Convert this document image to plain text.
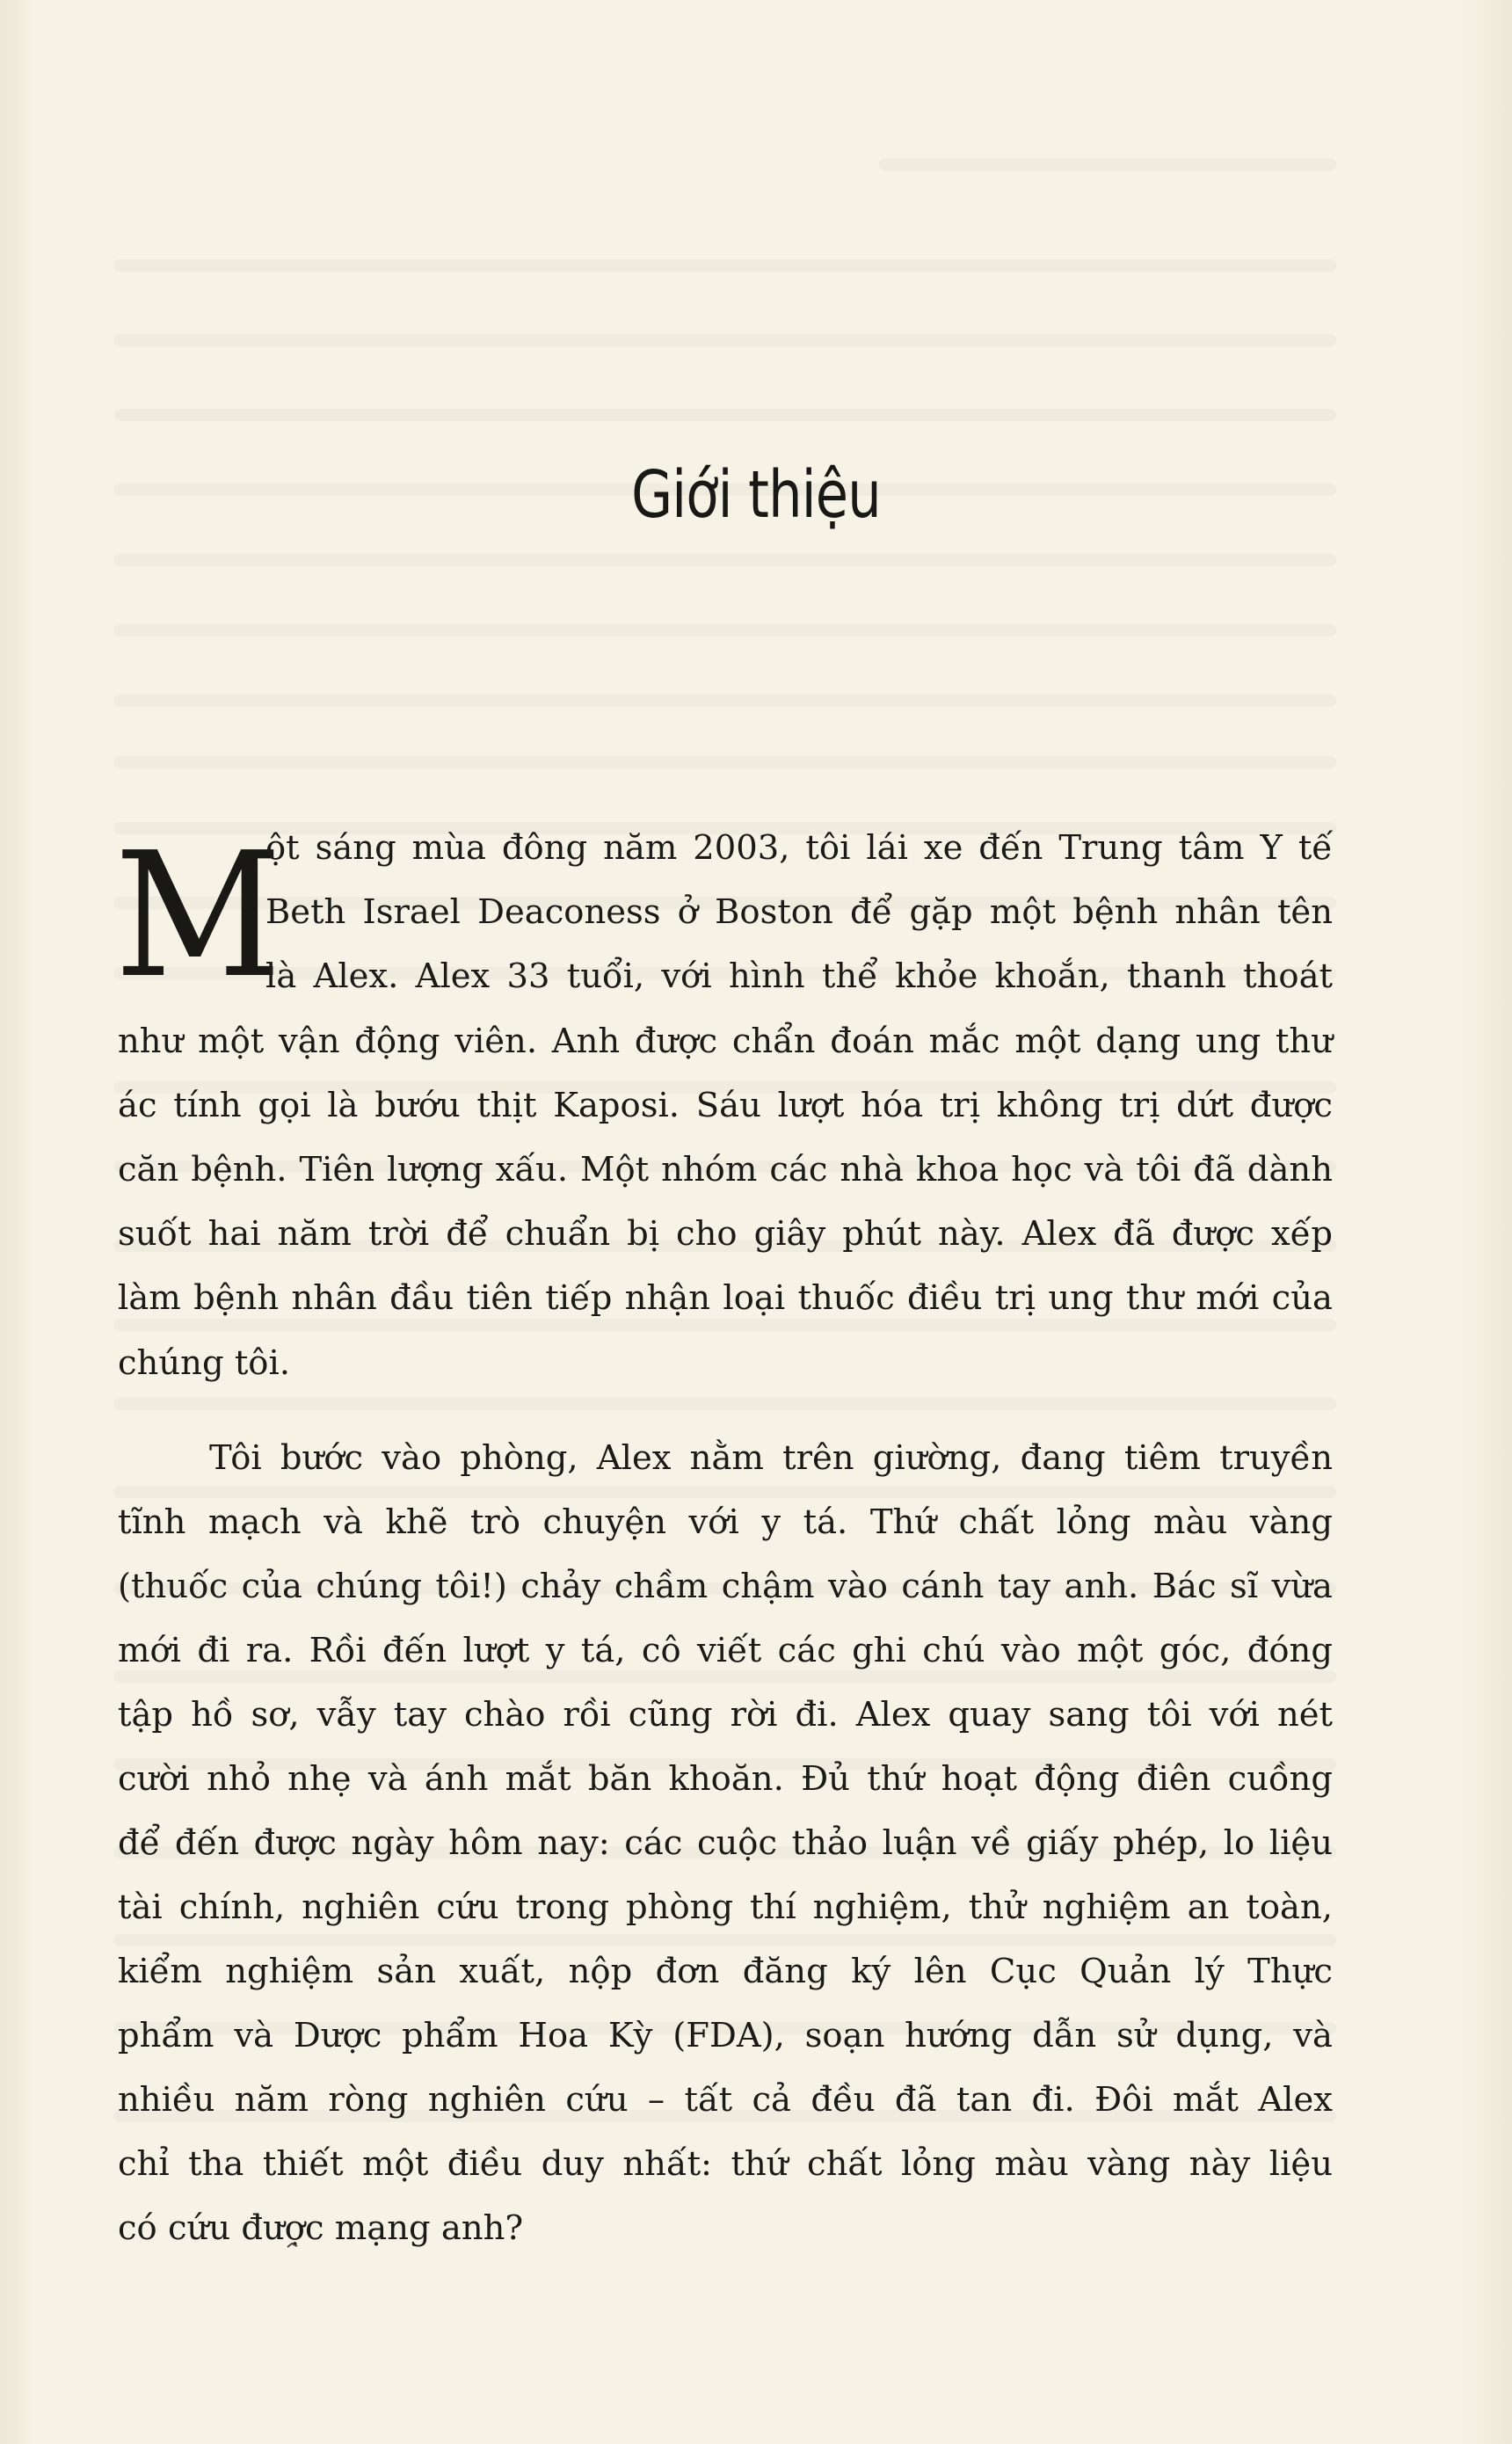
Giới thiệu
M
ột sáng mùa đông năm 2003, tôi lái xe đến Trung tâm Y tế
Beth Israel Deaconess ở Boston để gặp một bệnh nhân tên
là Alex. Alex 33 tuổi, với hình thể khỏe khoắn, thanh thoát
như một vận động viên. Anh được chẩn đoán mắc một dạng ung thư
ác tính gọi là bướu thịt Kaposi. Sáu lượt hóa trị không trị dứt được
căn bệnh. Tiên lượng xấu. Một nhóm các nhà khoa học và tôi đã dành
suốt hai năm trời để chuẩn bị cho giây phút này. Alex đã được xếp
làm bệnh nhân đầu tiên tiếp nhận loại thuốc điều trị ung thư mới của
chúng tôi.
Tôi bước vào phòng, Alex nằm trên giường, đang tiêm truyền
tĩnh mạch và khẽ trò chuyện với y tá. Thứ chất lỏng màu vàng
(thuốc của chúng tôi!) chảy chầm chậm vào cánh tay anh. Bác sĩ vừa
mới đi ra. Rồi đến lượt y tá, cô viết các ghi chú vào một góc, đóng
tập hồ sơ, vẫy tay chào rồi cũng rời đi. Alex quay sang tôi với nét
cười nhỏ nhẹ và ánh mắt băn khoăn. Đủ thứ hoạt động điên cuồng
để đến được ngày hôm nay: các cuộc thảo luận về giấy phép, lo liệu
tài chính, nghiên cứu trong phòng thí nghiệm, thử nghiệm an toàn,
kiểm nghiệm sản xuất, nộp đơn đăng ký lên Cục Quản lý Thực
phẩm và Dược phẩm Hoa Kỳ (FDA), soạn hướng dẫn sử dụng, và
nhiều năm ròng nghiên cứu – tất cả đều đã tan đi. Đôi mắt Alex
chỉ tha thiết một điều duy nhất: thứ chất lỏng màu vàng này liệu
có cứu được mạng anh?
